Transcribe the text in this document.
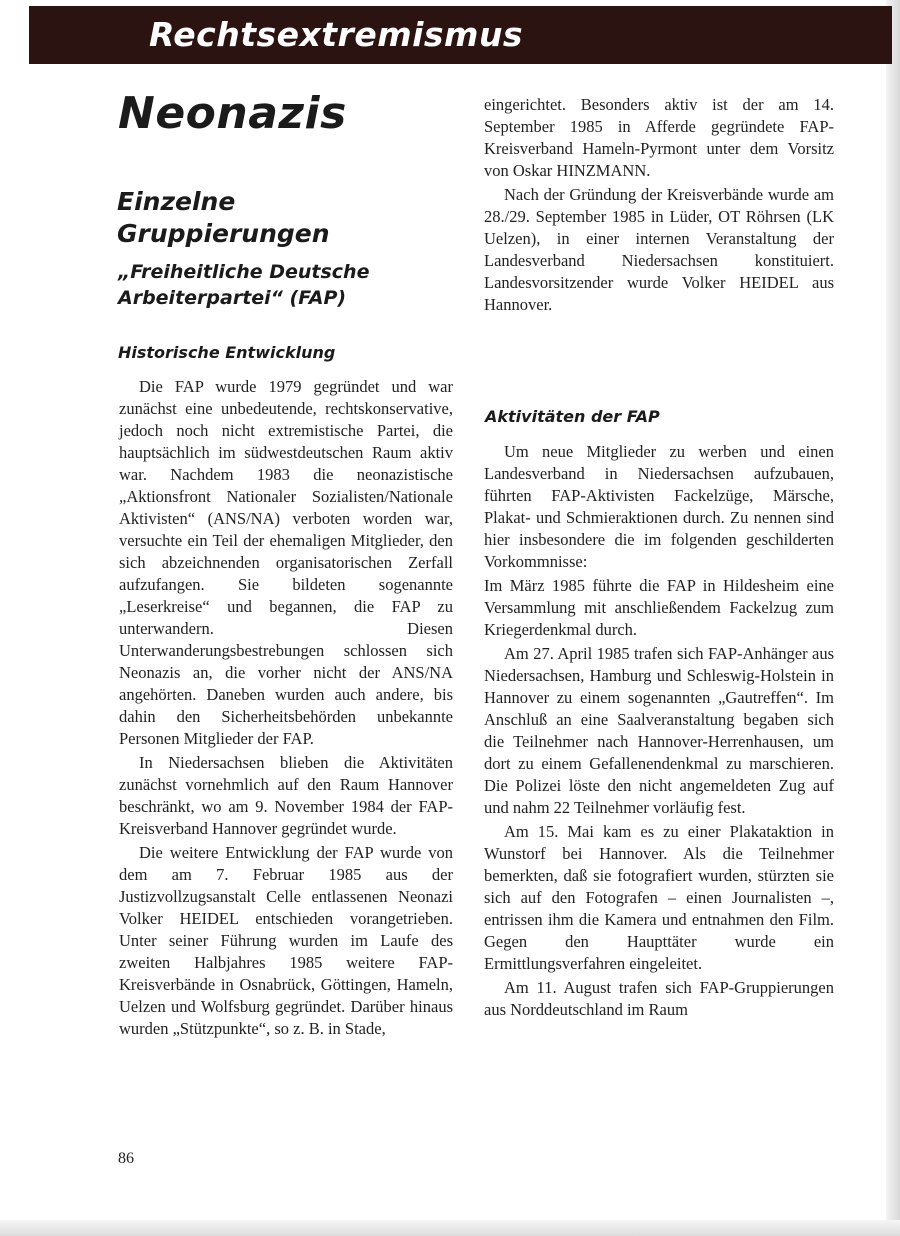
Rechtsextremismus
Neonazis
Einzelne
Gruppierungen
„Freiheitliche Deutsche
Arbeiterpartei“ (FAP)
Historische Entwicklung

Die FAP wurde 1979 gegründet und war zunächst eine unbedeutende, rechtskonservative, jedoch noch nicht extremistische Partei, die hauptsächlich im südwestdeutschen Raum aktiv war. Nachdem 1983 die neonazistische „Aktionsfront Nationaler Sozialisten/Nationale Aktivisten“ (ANS/NA) verboten worden war, versuchte ein Teil der ehemaligen Mitglieder, den sich abzeichnenden organisatorischen Zerfall aufzufangen. Sie bildeten sogenannte „Leserkreise“ und begannen, die FAP zu unterwandern. Diesen Unterwanderungsbestrebungen schlossen sich Neonazis an, die vorher nicht der ANS/NA angehörten. Daneben wurden auch andere, bis dahin den Sicherheitsbehörden unbekannte Personen Mitglieder der FAP.

In Niedersachsen blieben die Aktivitäten zunächst vornehmlich auf den Raum Hannover beschränkt, wo am 9. November 1984 der FAP-Kreisverband Hannover gegründet wurde.

Die weitere Entwicklung der FAP wurde von dem am 7. Februar 1985 aus der Justizvollzugsanstalt Celle entlassenen Neonazi Volker HEIDEL entschieden vorangetrieben. Unter seiner Führung wurden im Laufe des zweiten Halbjahres 1985 weitere FAP-Kreisverbände in Osnabrück, Göttingen, Hameln, Uelzen und Wolfsburg gegründet. Darüber hinaus wurden „Stützpunkte“, so z. B. in Stade,

eingerichtet. Besonders aktiv ist der am 14. September 1985 in Afferde gegründete FAP-Kreisverband Hameln-Pyrmont unter dem Vorsitz von Oskar HINZMANN.

Nach der Gründung der Kreisverbände wurde am 28./29. September 1985 in Lüder, OT Röhrsen (LK Uelzen), in einer internen Veranstaltung der Landesverband Niedersachsen konstituiert. Landesvorsitzender wurde Volker HEIDEL aus Hannover.

Aktivitäten der FAP

Um neue Mitglieder zu werben und einen Landesverband in Niedersachsen aufzubauen, führten FAP-Aktivisten Fackelzüge, Märsche, Plakat- und Schmieraktionen durch. Zu nennen sind hier insbesondere die im folgenden geschilderten Vorkommnisse:

Im März 1985 führte die FAP in Hildesheim eine Versammlung mit anschließendem Fackelzug zum Kriegerdenkmal durch.

Am 27. April 1985 trafen sich FAP-Anhänger aus Niedersachsen, Hamburg und Schleswig-Holstein in Hannover zu einem sogenannten „Gautreffen“. Im Anschluß an eine Saalveranstaltung begaben sich die Teilnehmer nach Hannover-Herrenhausen, um dort zu einem Gefallenendenkmal zu marschieren. Die Polizei löste den nicht angemeldeten Zug auf und nahm 22 Teilnehmer vorläufig fest.

Am 15. Mai kam es zu einer Plakataktion in Wunstorf bei Hannover. Als die Teilnehmer bemerkten, daß sie fotografiert wurden, stürzten sie sich auf den Fotografen – einen Journalisten –, entrissen ihm die Kamera und entnahmen den Film. Gegen den Haupttäter wurde ein Ermittlungsverfahren eingeleitet.

Am 11. August trafen sich FAP-Gruppierungen aus Norddeutschland im Raum

86
